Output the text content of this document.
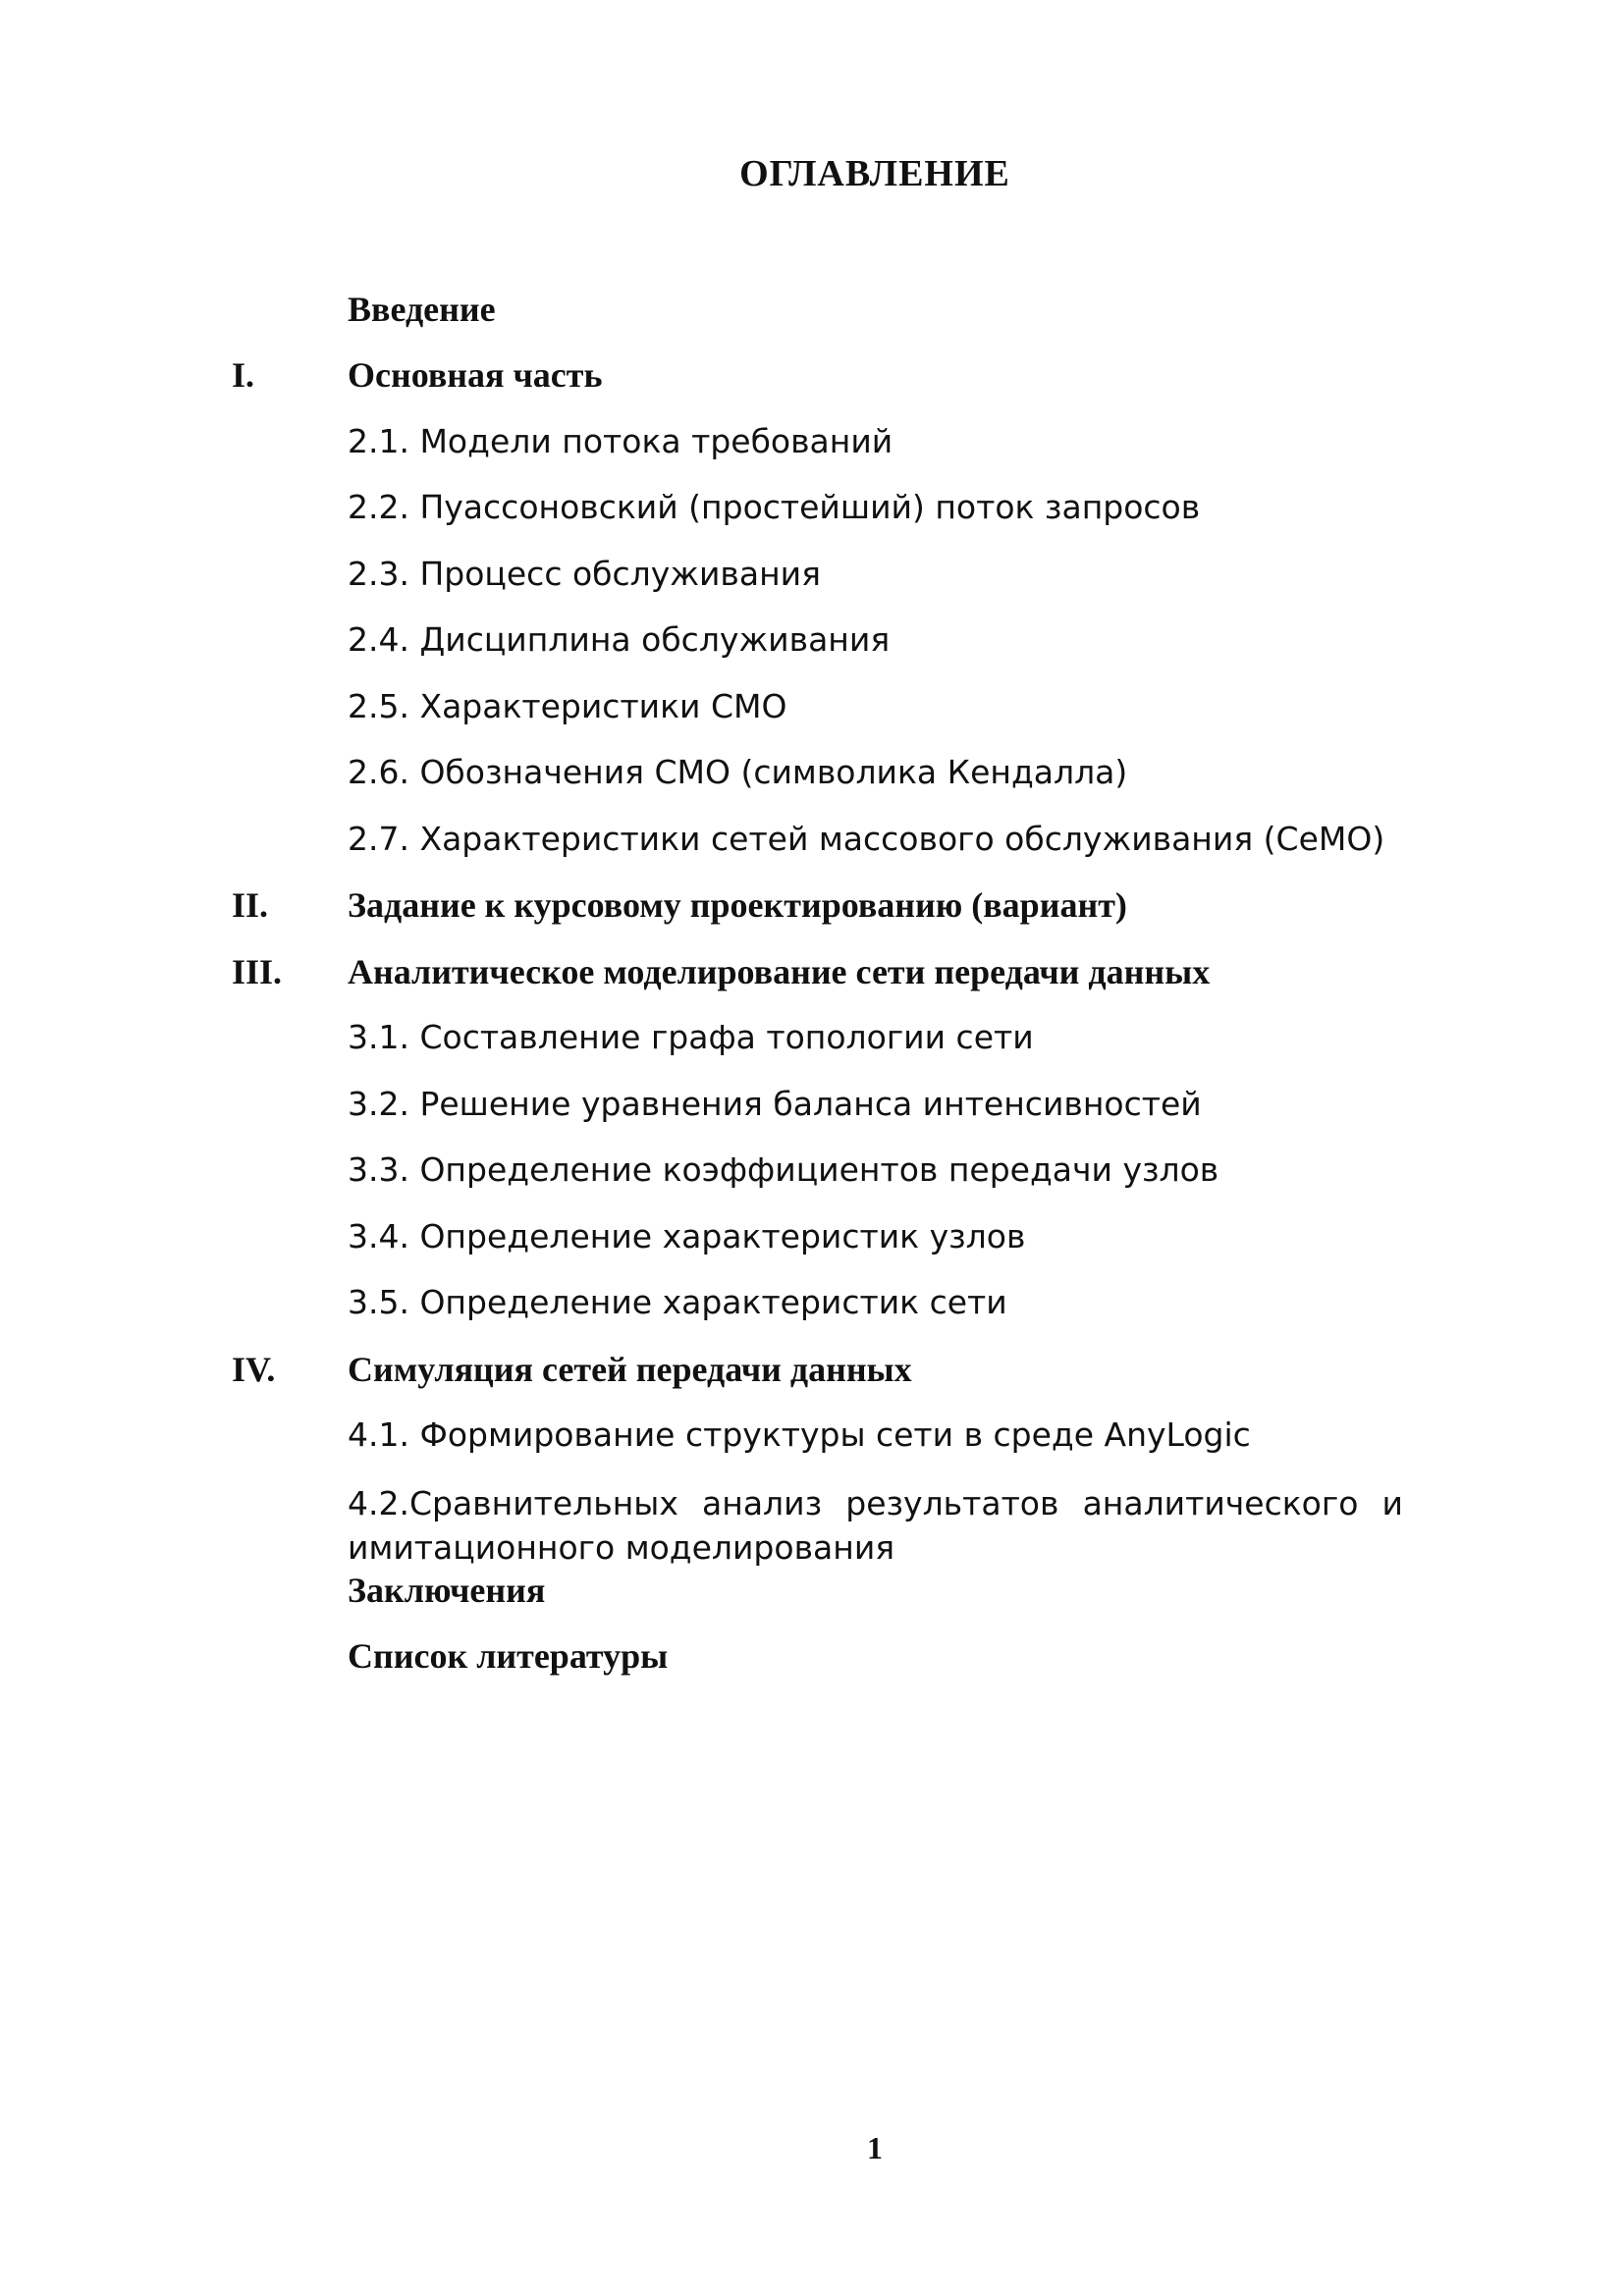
ОГЛАВЛЕНИЕ
Введение
I.	Основная часть
2.1. Модели потока требований
2.2. Пуассоновский (простейший) поток запросов
2.3. Процесс обслуживания
2.4. Дисциплина обслуживания
2.5. Характеристики СМО
2.6. Обозначения СМО (символика Кендалла)
2.7. Характеристики сетей массового обслуживания (СеМО)
II. Задание к курсовому проектированию (вариант)
III. Аналитическое моделирование сети передачи данных
3.1. Составление графа топологии сети
3.2. Решение уравнения баланса интенсивностей
3.3. Определение коэффициентов передачи узлов
3.4. Определение характеристик узлов
3.5. Определение характеристик сети
IV. Симуляция сетей передачи данных
4.1. Формирование структуры сети в среде AnyLogic
4.2.Сравнительных анализ результатов аналитического и
имитационного моделирования
Заключения
Список литературы
1
